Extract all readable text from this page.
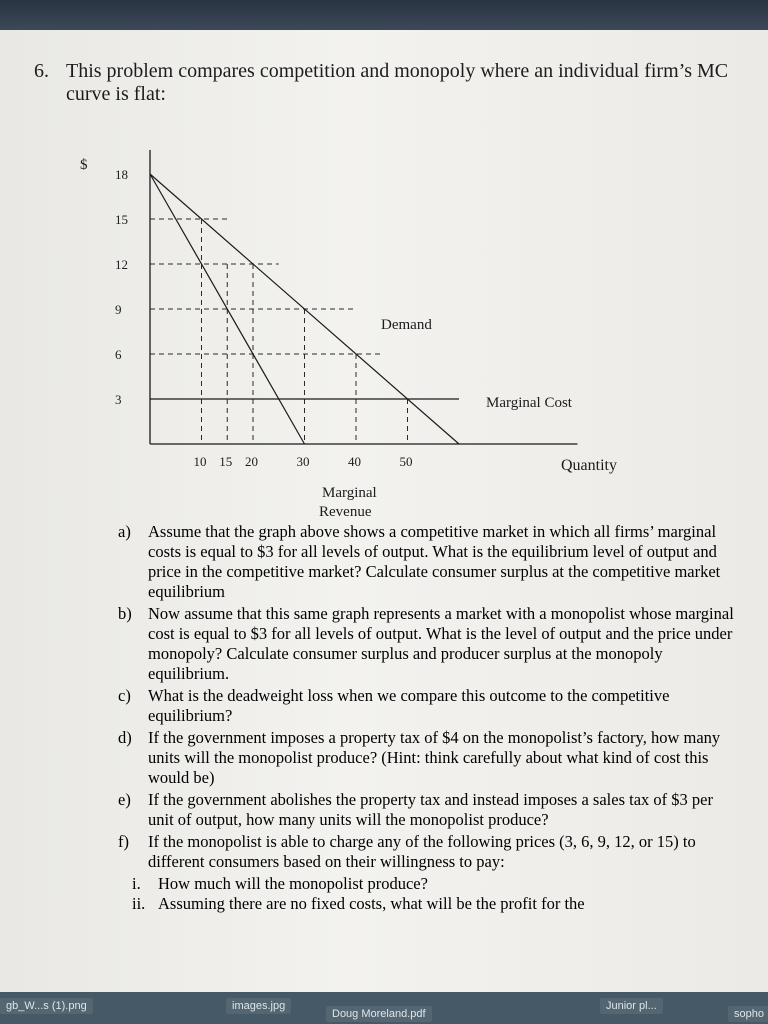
6. This problem compares competition and monopoly where an individual firm’s MC curve is flat:
18
15
12
9
6
3
10 15 20	30	40	50
$
Quantity
Demand
Marginal Cost
Marginal
Revenue
a) Assume that the graph above shows a competitive market in which all firms’ marginal costs is equal to $3 for all levels of output. What is the equilibrium level of output and price in the competitive market? Calculate consumer surplus at the competitive market equilibrium
b) Now assume that this same graph represents a market with a monopolist whose marginal cost is equal to $3 for all levels of output. What is the level of output and the price under monopoly? Calculate consumer surplus and producer surplus at the monopoly equilibrium.
c) What is the deadweight loss when we compare this outcome to the competitive equilibrium?
d) If the government imposes a property tax of $4 on the monopolist’s factory, how many units will the monopolist produce? (Hint: think carefully about what kind of cost this would be)
e) If the government abolishes the property tax and instead imposes a sales tax of $3 per unit of output, how many units will the monopolist produce?
f) If the monopolist is able to charge any of the following prices (3, 6, 9, 12, or 15) to different consumers based on their willingness to pay:
i. How much will the monopolist produce?
ii. Assuming there are no fixed costs, what will be the profit for the
gb_W...s (1).png	images.jpg
Doug Moreland.pdf
Junior pl...
sopho
